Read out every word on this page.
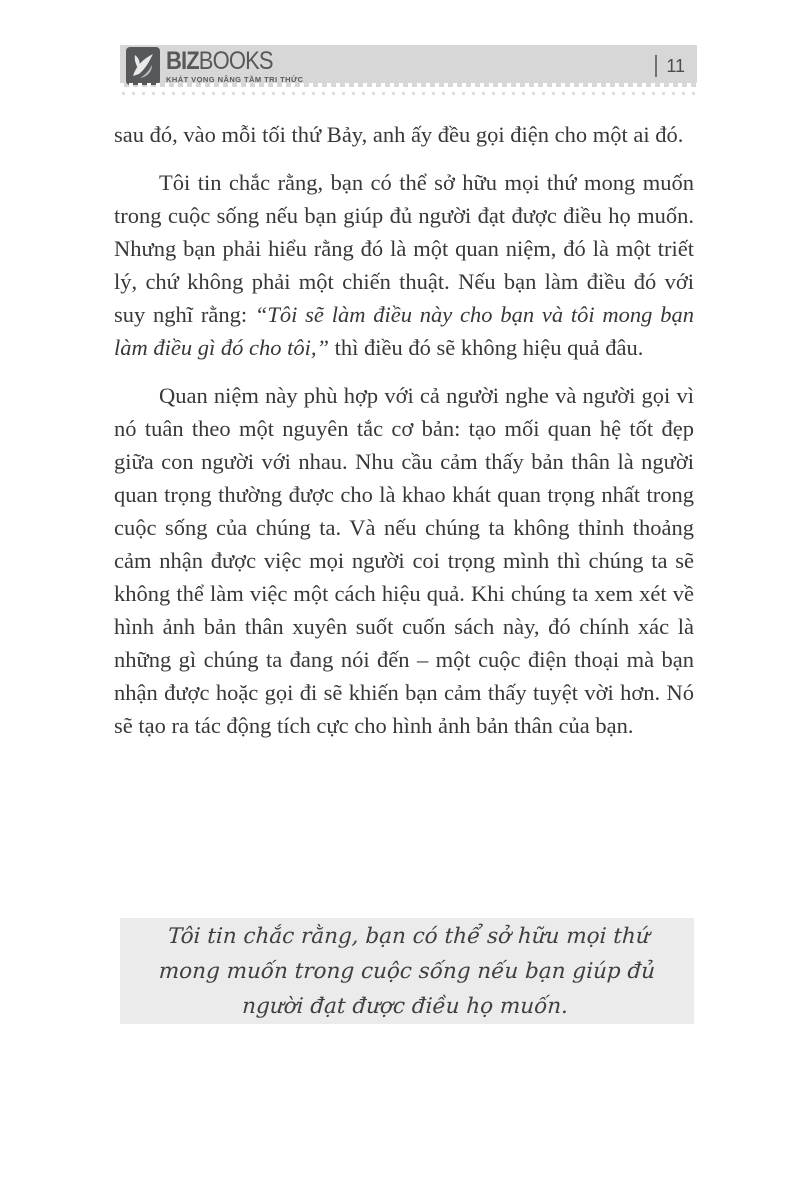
BIZBOOKS
KHÁT VỌNG NÂNG TẦM TRI THỨC
11

sau đó, vào mỗi tối thứ Bảy, anh ấy đều gọi điện cho một ai đó.

Tôi tin chắc rằng, bạn có thể sở hữu mọi thứ mong muốn trong cuộc sống nếu bạn giúp đủ người đạt được điều họ muốn. Nhưng bạn phải hiểu rằng đó là một quan niệm, đó là một triết lý, chứ không phải một chiến thuật. Nếu bạn làm điều đó với suy nghĩ rằng: “Tôi sẽ làm điều này cho bạn và tôi mong bạn làm điều gì đó cho tôi,” thì điều đó sẽ không hiệu quả đâu.

Quan niệm này phù hợp với cả người nghe và người gọi vì nó tuân theo một nguyên tắc cơ bản: tạo mối quan hệ tốt đẹp giữa con người với nhau. Nhu cầu cảm thấy bản thân là người quan trọng thường được cho là khao khát quan trọng nhất trong cuộc sống của chúng ta. Và nếu chúng ta không thỉnh thoảng cảm nhận được việc mọi người coi trọng mình thì chúng ta sẽ không thể làm việc một cách hiệu quả. Khi chúng ta xem xét về hình ảnh bản thân xuyên suốt cuốn sách này, đó chính xác là những gì chúng ta đang nói đến – một cuộc điện thoại mà bạn nhận được hoặc gọi đi sẽ khiến bạn cảm thấy tuyệt vời hơn. Nó sẽ tạo ra tác động tích cực cho hình ảnh bản thân của bạn.

Tôi tin chắc rằng, bạn có thể sở hữu mọi thứ mong muốn trong cuộc sống nếu bạn giúp đủ người đạt được điều họ muốn.
